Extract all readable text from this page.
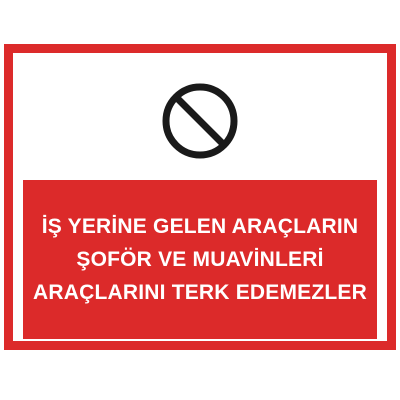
İŞ YERİNE GELEN ARAÇLARIN
ŞOFÖR VE MUAVİNLERİ
ARAÇLARINI TERK EDEMEZLER
